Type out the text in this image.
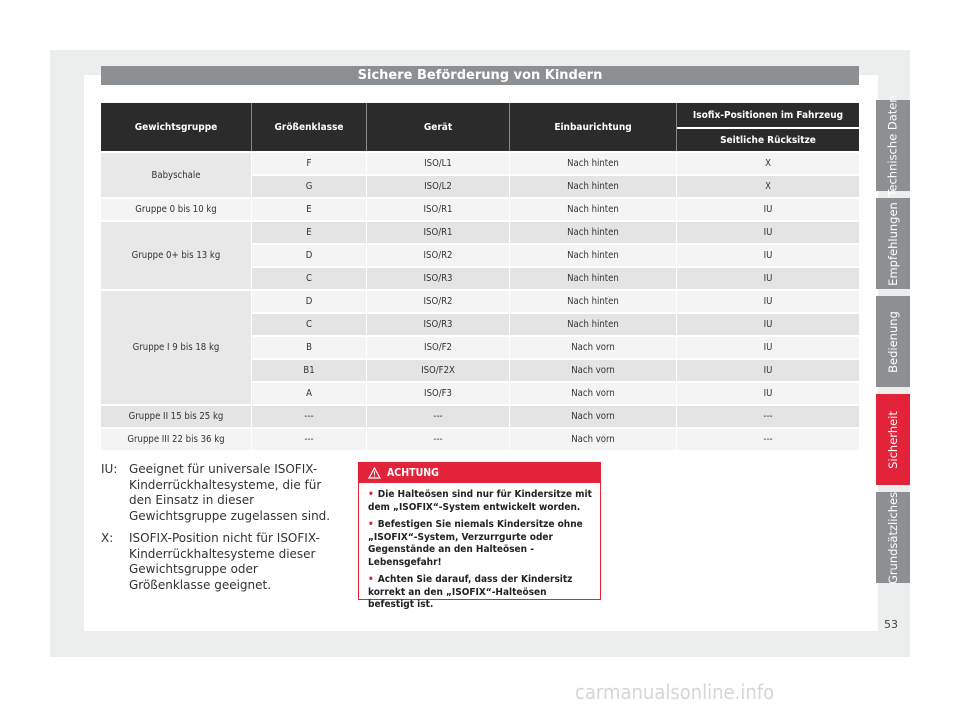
Sichere Beförderung von Kindern
Gewichtsgruppe	Größenklasse	Gerät	Einbaurichtung	Isofix-Positionen im Fahrzeug
				Seitliche Rücksitze
Babyschale	F	ISO/L1	Nach hinten	X
	G	ISO/L2	Nach hinten	X
Gruppe 0 bis 10 kg	E	ISO/R1	Nach hinten	IU
Gruppe 0+ bis 13 kg	E	ISO/R1	Nach hinten	IU
	D	ISO/R2	Nach hinten	IU
	C	ISO/R3	Nach hinten	IU
Gruppe I 9 bis 18 kg	D	ISO/R2	Nach hinten	IU
	C	ISO/R3	Nach hinten	IU
	B	ISO/F2	Nach vorn	IU
	B1	ISO/F2X	Nach vorn	IU
	A	ISO/F3	Nach vorn	IU
Gruppe II 15 bis 25 kg	---	---	Nach vorn	---
Gruppe III 22 bis 36 kg	---	---	Nach vorn	---
IU: Geeignet für universale ISOFIX-Kinderrückhaltesysteme, die für den Einsatz in dieser Gewichtsgruppe zugelassen sind.
X: ISOFIX-Position nicht für ISOFIX-Kinderrückhaltesysteme dieser Gewichtsgruppe oder Größenklasse geeignet.
ACHTUNG
• Die Halteösen sind nur für Kindersitze mit dem „ISOFIX“-System entwickelt worden.
• Befestigen Sie niemals Kindersitze ohne „ISOFIX“-System, Verzurrgurte oder Gegenstände an den Halteösen - Lebensgefahr!
• Achten Sie darauf, dass der Kindersitz korrekt an den „ISOFIX“-Halteösen befestigt ist.
Technische Daten
Empfehlungen
Bedienung
Sicherheit
Grundsätzliches
53
carmanualsonline.info
